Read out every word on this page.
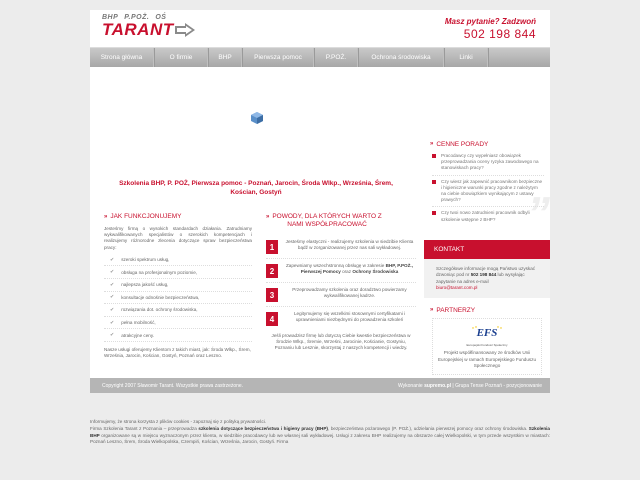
BHP P.POŻ. OŚ
TARANT	Masz pytanie? Zadzwoń
502 198 844
Strona główna	O firmie	BHP	Pierwsza pomoc	P.POŻ.	Ochrona środowiska	Linki
Szkolenia BHP, P. POŻ, Pierwsza pomoc - Poznań, Jarocin, Środa Wlkp., Września, Śrem,
Kościan, Gostyń
» JAK FUNKCJONUJEMY
Jesteśmy firmą o wysokich standardach działania. Zatrudniamy wykwalifikowanych specjalistów o szerokich kompetencjach i realizujemy różnorodne zlecenia dotyczące spraw bezpieczeństwa pracy:
✔ szeroki spektrum usług,
✔ obsługa na profesjonalnym poziomie,
✔ najlepsza jakość usług,
✔ konsultacje odnośnie bezpieczeństwa,
✔ rozwiązania dot. ochrony środowiska,
✔ pełna mobilność,
✔ atrakcyjne ceny.
Nasze usługi oferujemy Klientom z takich miast, jak: Środa Wlkp., Śrem, Września, Jarocin, Kościan, Gostyń, Poznań oraz Leszno.
» POWODY, DLA KTÓRYCH WARTO Z
NAMI WSPÓŁPRACOWAĆ
1
Jesteśmy elastyczni - realizujemy szkolenia w siedzibie Klienta bądź w zorganizowanej przez nas sali wykładowej.
2
Zapewniamy wszechstronną obsługę w zakresie BHP, P.POŻ., Pierwszej Pomocy oraz Ochrony Środowiska
3
Przeprowadzamy szkolenia oraz doradztwo powierzamy wykwalifikowanej kadrze.
4
Legitymujemy się wszelkimi stosownymi certyfikatami i uprawnieniami niezbędnymi do prowadzenia szkoleń
Jeśli prowadzisz firmę lub dotyczą Ciebie kwestie bezpieczeństwa w Środzie Wlkp., Śremie, Wrześni, Jarocinie, Kościanie, Gostyniu, Poznaniu lub Lesznie, skorzystaj z naszych kompetencji i wiedzy.
» CENNE PORADY
”
Pracodawcy czy wypełniasz obowiązek przeprowadzania oceny ryzyka zawodowego na stanowiskach pracy?
Czy wiesz jak zapewnić pracownikom bezpieczne i higieniczne warunki pracy zgodne z należytym na ciebie obowiązkiem wynikającym z ustawy prawych?
Czy twoi nowo zatrudnieni pracownik odbyli szkolenie wstępne z BHP?
KONTAKT
Szczegółowe informacje mogą Państwo uzyskać dzwoniąc pod nr 502 198 844 lub wysyłając zapytanie na adres e-mail
biuro@tarant.com.pl
» PARTNERZY
EFS
Europejski Fundusz Społeczny
Projekt współfinansowany ze środków Unii Europejskiej w ramach Europejskiego Funduszu Społecznego
Copyright 2007 Sławomir Tarant. Wszystkie prawa zastrzeżone.	Wykonanie supremo.pl | Grupa Tense Poznań - pozycjonowanie
Informujemy, że strona korzysta z plików cookies - zapoznaj się z polityką prywatności.
Firma Szkolenia Tarant z Poznania – przeprowadza szkolenia dotyczące bezpieczeństwa i higieny pracy (BHP), bezpieczeństwa pożarowego (P. POŻ.), udzielania pierwszej pomocy oraz ochrony środowiska. Szkolenia BHP organizowane są w miejscu wyznaczonym przez klienta, w siedzibie pracodawcy lub we własnej sali wykładowej. Usługi z zakresu BHP realizujemy na obszarze całej Wielkopolski, w tym przede wszystkim w miastach: Poznań Leszno, Śrem, Środa Wielkopolska, Czempiń, Kościan, Września, Jarocin, Gostyń. Firma
